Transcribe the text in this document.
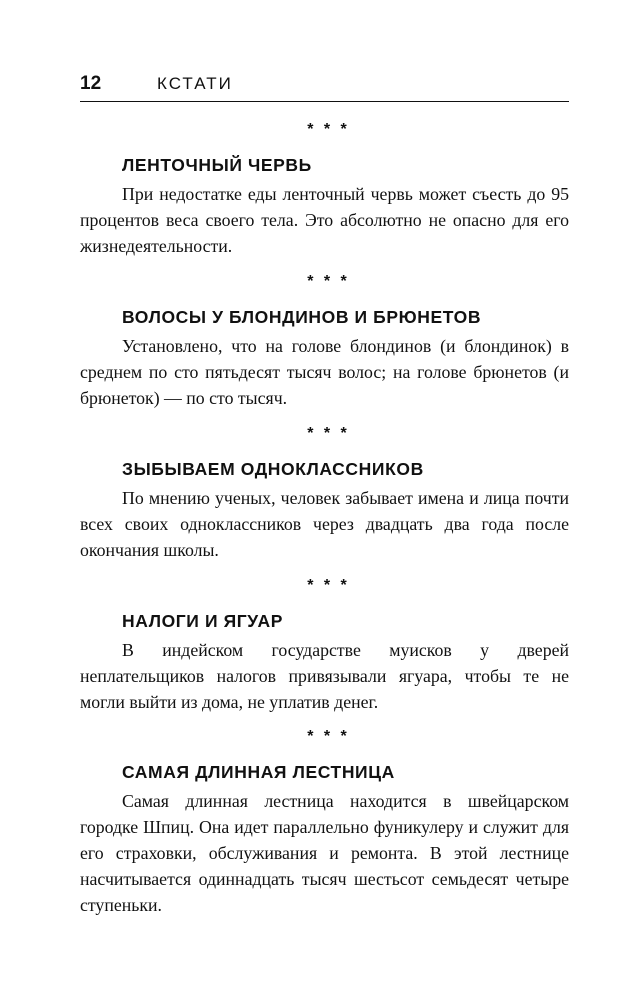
12	КСТАТИ
* * *
ЛЕНТОЧНЫЙ ЧЕРВЬ
При недостатке еды ленточный червь может съесть до 95 процентов веса своего тела. Это абсолютно не опасно для его жизнедеятельности.
* * *
ВОЛОСЫ У БЛОНДИНОВ И БРЮНЕТОВ
Установлено, что на голове блондинов (и блондинок) в среднем по сто пятьдесят тысяч волос; на голове брюнетов (и брюнеток) — по сто тысяч.
* * *
ЗЫБЫВАЕМ ОДНОКЛАССНИКОВ
По мнению ученых, человек забывает имена и лица почти всех своих одноклассников через двадцать два года после окончания школы.
* * *
НАЛОГИ И ЯГУАР
В индейском государстве муисков у дверей неплательщиков налогов привязывали ягуара, чтобы те не могли выйти из дома, не уплатив денег.
* * *
САМАЯ ДЛИННАЯ ЛЕСТНИЦА
Самая длинная лестница находится в швейцарском городке Шпиц. Она идет параллельно фуникулеру и служит для его страховки, обслуживания и ремонта. В этой лестнице насчитывается одиннадцать тысяч шестьсот семьдесят четыре ступеньки.
